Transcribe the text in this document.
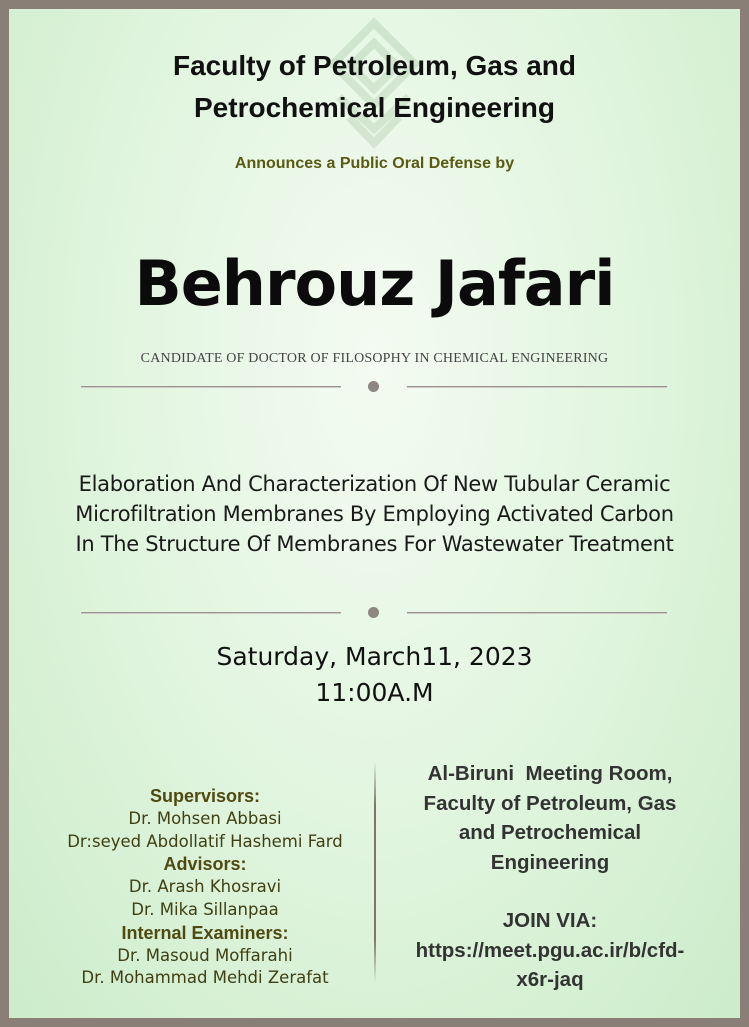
Faculty of Petroleum, Gas and
Petrochemical Engineering
Announces a Public Oral Defense by
Behrouz Jafari
CANDIDATE OF DOCTOR OF FILOSOPHY IN CHEMICAL ENGINEERING
Elaboration And Characterization Of New Tubular Ceramic
Microfiltration Membranes By Employing Activated Carbon
In The Structure Of Membranes For Wastewater Treatment
Saturday, March11, 2023
11:00A.M
Supervisors:
Dr. Mohsen Abbasi
Dr:seyed Abdollatif Hashemi Fard
Advisors:
Dr. Arash Khosravi
Dr. Mika Sillanpaa
Internal Examiners:
Dr. Masoud Moffarahi
Dr. Mohammad Mehdi Zerafat
Al-Biruni  Meeting Room,
Faculty of Petroleum, Gas
and Petrochemical
Engineering
JOIN VIA:
https://meet.pgu.ac.ir/b/cfd-
x6r-jaq
